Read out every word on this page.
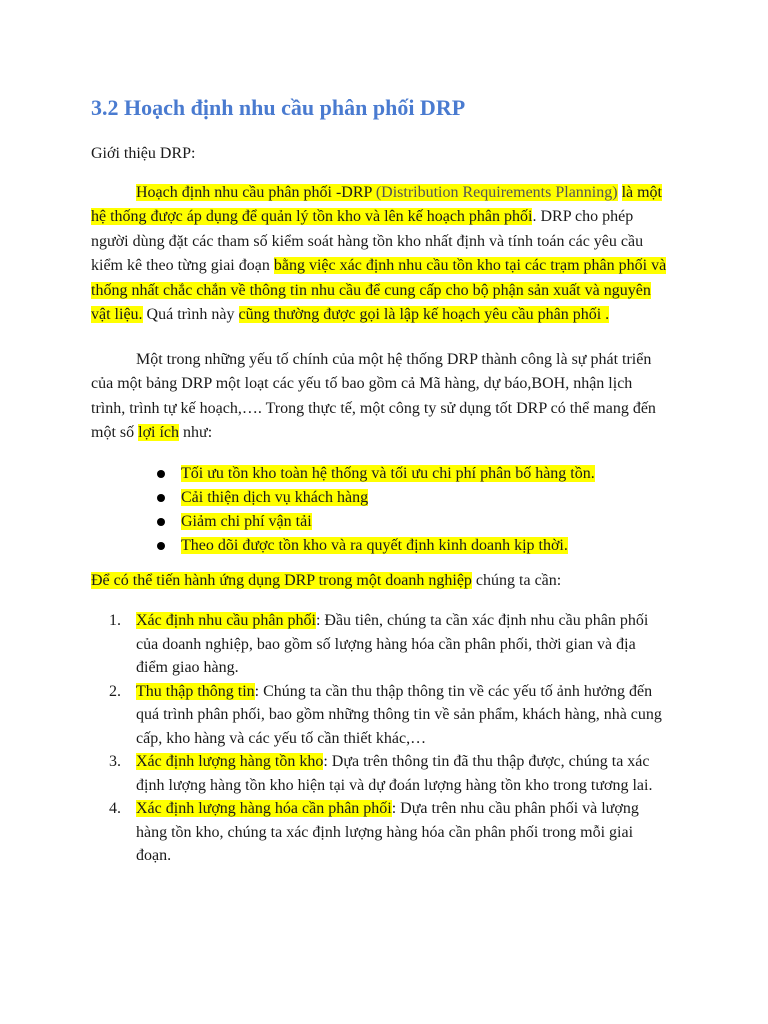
3.2 Hoạch định nhu cầu phân phối DRP

Giới thiệu DRP:

Hoạch định nhu cầu phân phối -DRP (Distribution Requirements Planning) là một hệ thống được áp dụng để quản lý tồn kho và lên kế hoạch phân phối. DRP cho phép người dùng đặt các tham số kiểm soát hàng tồn kho nhất định và tính toán các yêu cầu kiểm kê theo từng giai đoạn bằng việc xác định nhu cầu tồn kho tại các trạm phân phối và thống nhất chắc chắn về thông tin nhu cầu để cung cấp cho bộ phận sản xuất và nguyên vật liệu. Quá trình này cũng thường được gọi là lập kế hoạch yêu cầu phân phối .

Một trong những yếu tố chính của một hệ thống DRP thành công là sự phát triển của một bảng DRP một loạt các yếu tố bao gồm cả Mã hàng, dự báo,BOH, nhận lịch trình, trình tự kế hoạch,…. Trong thực tế, một công ty sử dụng tốt DRP có thể mang đến một số lợi ích như:

Tối ưu tồn kho toàn hệ thống và tối ưu chi phí phân bố hàng tồn.
Cải thiện dịch vụ khách hàng
Giảm chi phí vận tải
Theo dõi được tồn kho và ra quyết định kinh doanh kịp thời.

Để có thể tiến hành ứng dụng DRP trong một doanh nghiệp chúng ta cần:

1. Xác định nhu cầu phân phối: Đầu tiên, chúng ta cần xác định nhu cầu phân phối của doanh nghiệp, bao gồm số lượng hàng hóa cần phân phối, thời gian và địa điểm giao hàng.
2. Thu thập thông tin: Chúng ta cần thu thập thông tin về các yếu tố ảnh hưởng đến quá trình phân phối, bao gồm những thông tin về sản phẩm, khách hàng, nhà cung cấp, kho hàng và các yếu tố cần thiết khác,…
3. Xác định lượng hàng tồn kho: Dựa trên thông tin đã thu thập được, chúng ta xác định lượng hàng tồn kho hiện tại và dự đoán lượng hàng tồn kho trong tương lai.
4. Xác định lượng hàng hóa cần phân phối: Dựa trên nhu cầu phân phối và lượng hàng tồn kho, chúng ta xác định lượng hàng hóa cần phân phối trong mỗi giai đoạn.
